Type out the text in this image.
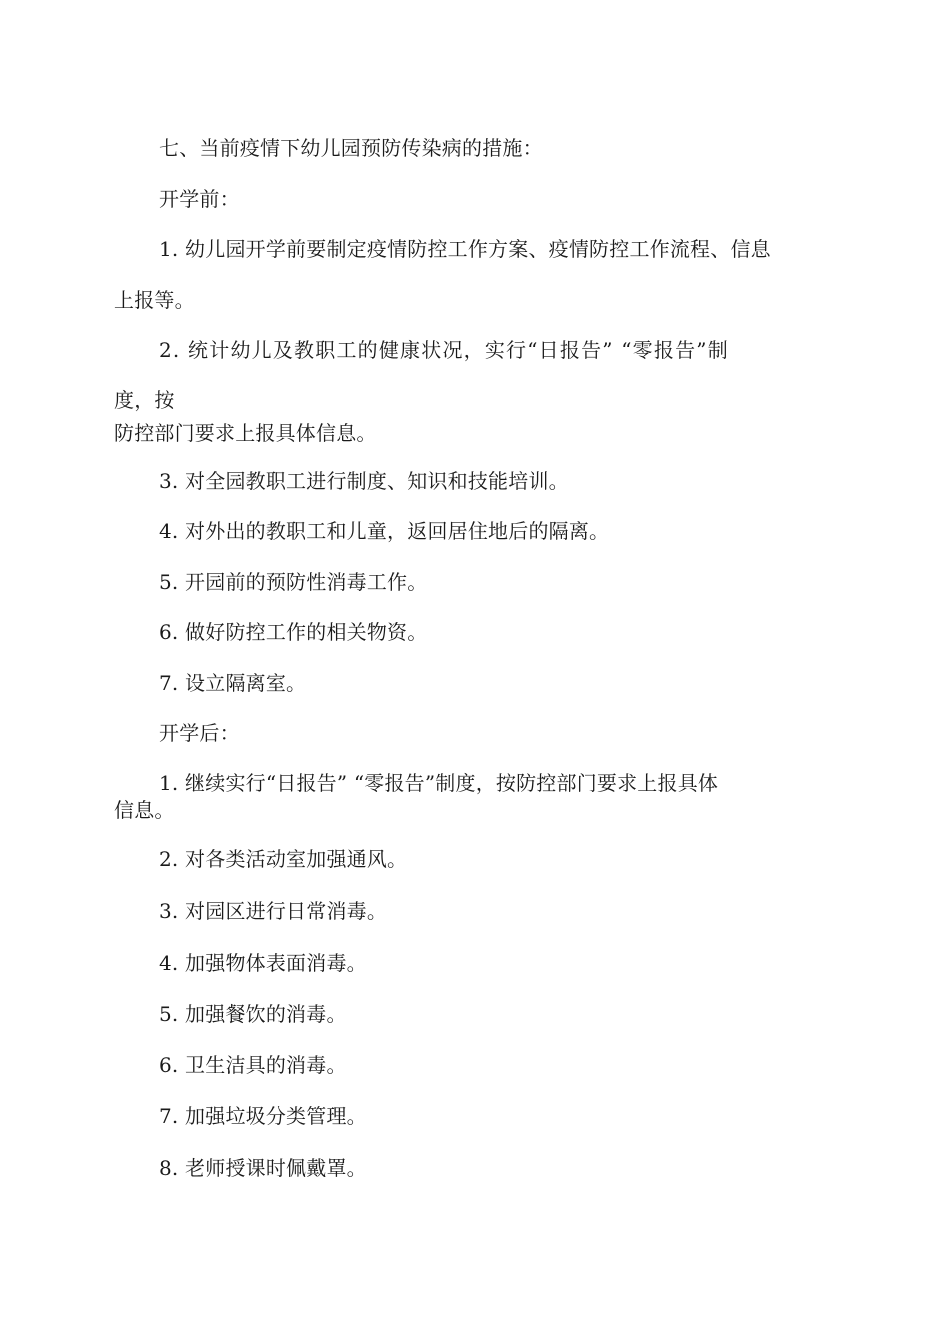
七、当前疫情下幼儿园预防传染病的措施：
开学前：
1. 幼儿园开学前要制定疫情防控工作方案、疫情防控工作流程、信息
上报等。
2. 统计幼儿及教职工的健康状况，实行“日报告” “零报告”制
度，按
防控部门要求上报具体信息。
3. 对全园教职工进行制度、知识和技能培训。
4. 对外出的教职工和儿童，返回居住地后的隔离。
5. 开园前的预防性消毒工作。
6. 做好防控工作的相关物资。
7. 设立隔离室。
开学后：
1. 继续实行“日报告” “零报告”制度，按防控部门要求上报具体
信息。
2. 对各类活动室加强通风。
3. 对园区进行日常消毒。
4. 加强物体表面消毒。
5. 加强餐饮的消毒。
6. 卫生洁具的消毒。
7. 加强垃圾分类管理。
8. 老师授课时佩戴罩。
